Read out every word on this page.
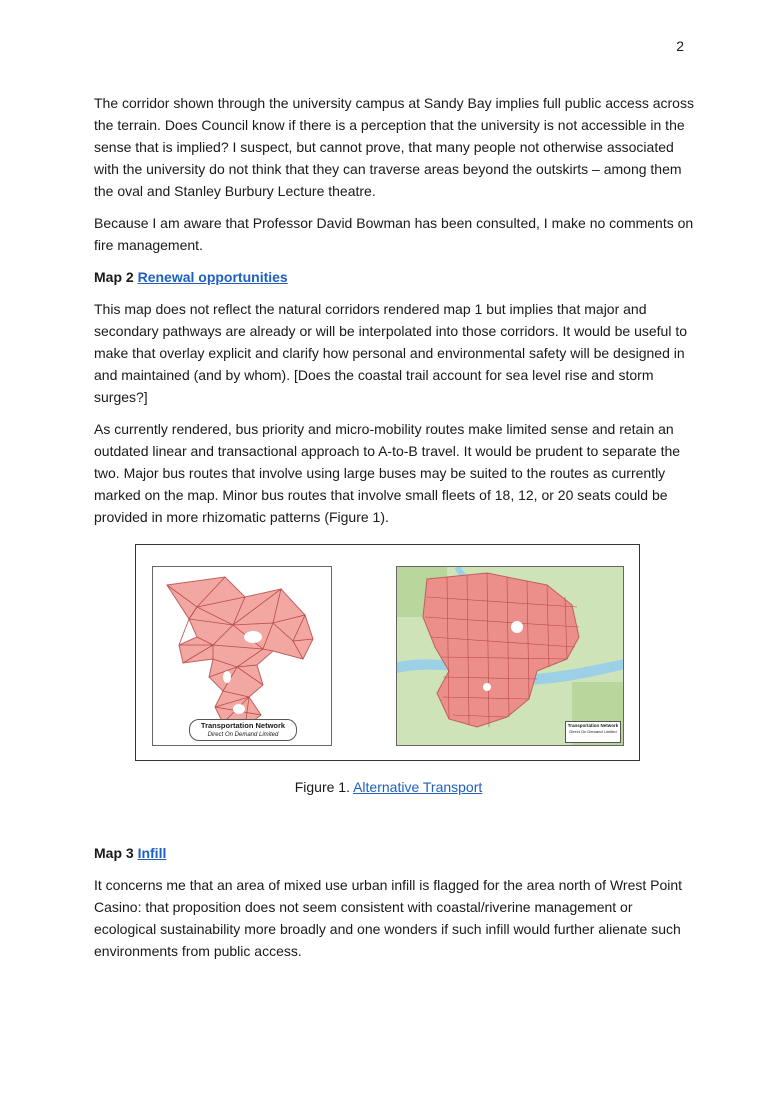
2

The corridor shown through the university campus at Sandy Bay implies full public access across the terrain. Does Council know if there is a perception that the university is not accessible in the sense that is implied? I suspect, but cannot prove, that many people not otherwise associated with the university do not think that they can traverse areas beyond the outskirts – among them the oval and Stanley Burbury Lecture theatre.

Because I am aware that Professor David Bowman has been consulted, I make no comments on fire management.

Map 2 Renewal opportunities

This map does not reflect the natural corridors rendered map 1 but implies that major and secondary pathways are already or will be interpolated into those corridors. It would be useful to make that overlay explicit and clarify how personal and environmental safety will be designed in and maintained (and by whom). [Does the coastal trail account for sea level rise and storm surges?]

As currently rendered, bus priority and micro-mobility routes make limited sense and retain an outdated linear and transactional approach to A-to-B travel. It would be prudent to separate the two. Major bus routes that involve using large buses may be suited to the routes as currently marked on the map. Minor bus routes that involve small fleets of 18, 12, or 20 seats could be provided in more rhizomatic patterns (Figure 1).

Transportation Network
Direct On Demand Limited
Transportation Network
Direct On Demand Limited
Figure 1. Alternative Transport
Map 3 Infill

It concerns me that an area of mixed use urban infill is flagged for the area north of Wrest Point Casino: that proposition does not seem consistent with coastal/riverine management or ecological sustainability more broadly and one wonders if such infill would further alienate such environments from public access.
